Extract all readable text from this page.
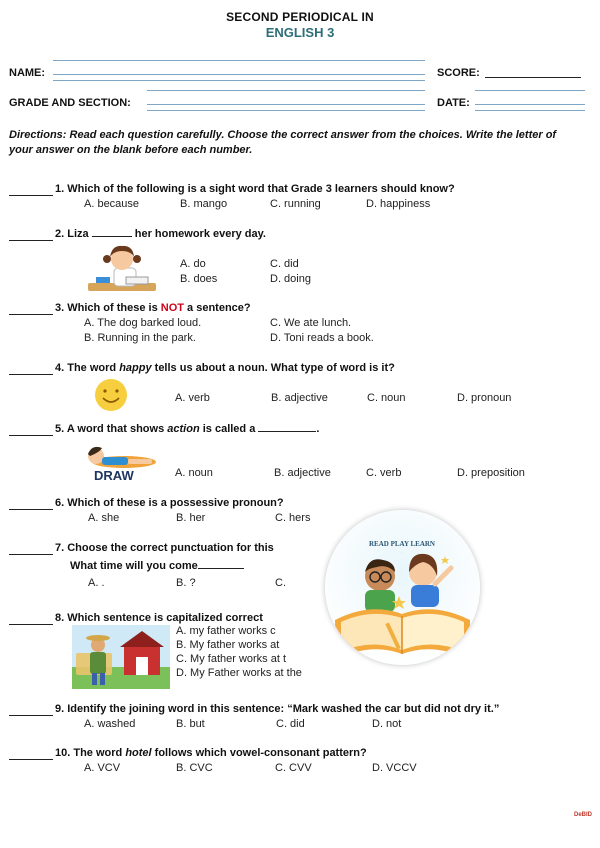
SECOND PERIODICAL IN
ENGLISH 3
NAME:	SCORE:
GRADE AND SECTION:	DATE:
Directions: Read each question carefully. Choose the correct answer from the choices. Write the letter of your answer on the blank before each number.
1. Which of the following is a sight word that Grade 3 learners should know?
A. because	B. mango	C. running	D. happiness
2. Liza	her homework every day.
A. do	C. did
B. does	D. doing
3. Which of these is NOT a sentence?
A. The dog barked loud.	C. We ate lunch.
B. Running in the park.	D. Toni reads a book.
4. The word happy tells us about a noun. What type of word is it?
A. verb	B. adjective	C. noun	D. pronoun
5. A word that shows action is called a	.
DRAW	A. noun	B. adjective	C. verb	D. preposition
6. Which of these is a possessive pronoun?
A. she	B. her	C. hers
7. Choose the correct punctuation for this
What time will you come
A. .	B. ?	C.
8. Which sentence is capitalized correct
A. my father works c
B. My father works at
C. My father works at t
D. My Father works at the
READ PLAY LEARN
·
9. Identify the joining word in this sentence: “Mark washed the car but did not dry it.”
A. washed	B. but	C. did	D. not
10. The word hotel follows which vowel-consonant pattern?
A. VCV	B. CVC	C. CVV	D. VCCV
DeBID
